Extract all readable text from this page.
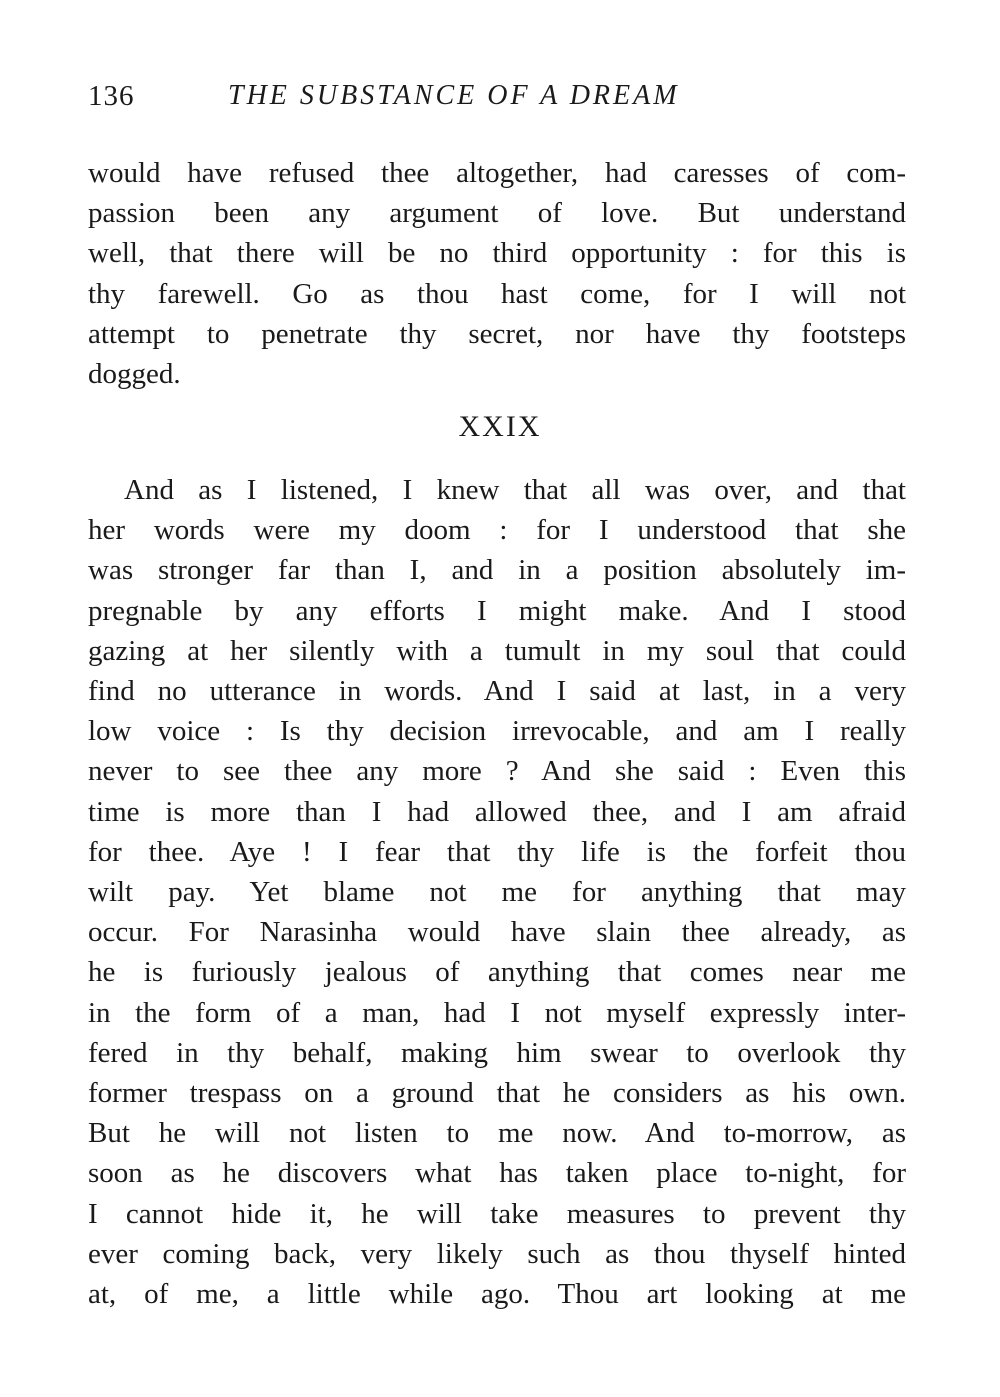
136	THE SUBSTANCE OF A DREAM
would have refused thee altogether, had caresses of com-
passion been any argument of love. But understand
well, that there will be no third opportunity : for this is
thy farewell. Go as thou hast come, for I will not
attempt to penetrate thy secret, nor have thy footsteps
dogged.
XXIX
And as I listened, I knew that all was over, and that
her words were my doom : for I understood that she
was stronger far than I, and in a position absolutely im-
pregnable by any efforts I might make. And I stood
gazing at her silently with a tumult in my soul that could
find no utterance in words. And I said at last, in a very
low voice : Is thy decision irrevocable, and am I really
never to see thee any more ? And she said : Even this
time is more than I had allowed thee, and I am afraid
for thee. Aye ! I fear that thy life is the forfeit thou
wilt pay. Yet blame not me for anything that may
occur. For Narasinha would have slain thee already, as
he is furiously jealous of anything that comes near me
in the form of a man, had I not myself expressly inter-
fered in thy behalf, making him swear to overlook thy
former trespass on a ground that he considers as his own.
But he will not listen to me now. And to-morrow, as
soon as he discovers what has taken place to-night, for
I cannot hide it, he will take measures to prevent thy
ever coming back, very likely such as thou thyself hinted
at, of me, a little while ago. Thou art looking at me
